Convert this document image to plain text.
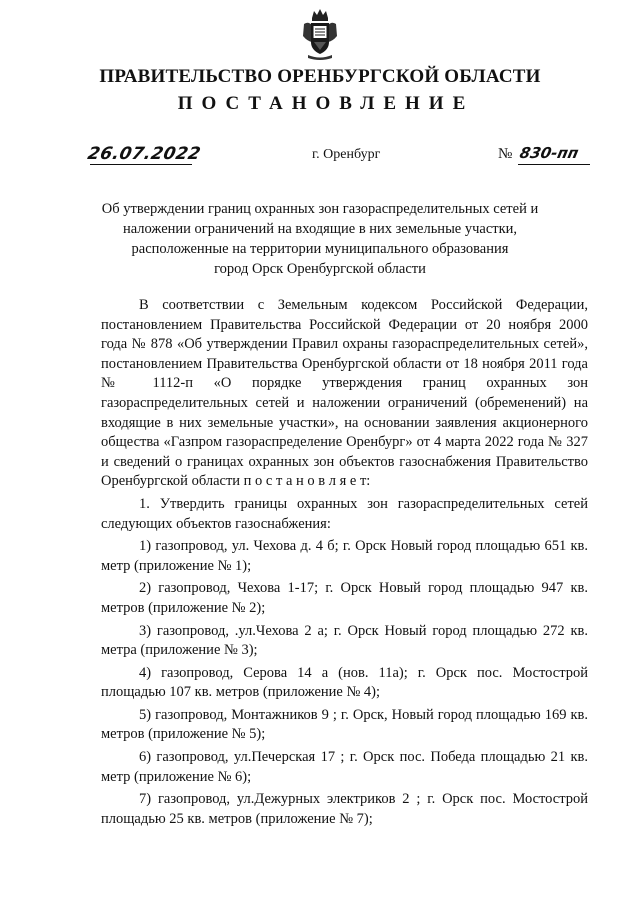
ПРАВИТЕЛЬСТВО ОРЕНБУРГСКОЙ ОБЛАСТИ
ПОСТАНОВЛЕНИЕ
26.07.2022	г. Оренбург	№ 830-пп
Об утверждении границ охранных зон газораспределительных сетей и
наложении ограничений на входящие в них земельные участки,
расположенные на территории муниципального образования
город Орск Оренбургской области

В соответствии с Земельным кодексом Российской Федерации, постановлением Правительства Российской Федерации от 20 ноября 2000 года № 878 «Об утверждении Правил охраны газораспределительных сетей», постановлением Правительства Оренбургской области от 18 ноября 2011 года № 1112-п «О порядке утверждения границ охранных зон газораспределительных сетей и наложении ограничений (обременений) на входящие в них земельные участки», на основании заявления акционерного общества «Газпром газораспределение Оренбург» от 4 марта 2022 года № 327 и сведений о границах охранных зон объектов газоснабжения Правительство Оренбургской области п о с т а н о в л я е т:

1. Утвердить границы охранных зон газораспределительных сетей следующих объектов газоснабжения:

1) газопровод, ул. Чехова д. 4 б; г. Орск Новый город площадью 651 кв. метр (приложение № 1);

2) газопровод, Чехова 1-17; г. Орск Новый город площадью 947 кв. метров (приложение № 2);

3) газопровод, .ул.Чехова 2 а; г. Орск Новый город площадью 272 кв. метра (приложение № 3);

4) газопровод, Серова 14 а (нов. 11а); г. Орск пос. Мостострой площадью 107 кв. метров (приложение № 4);

5) газопровод, Монтажников 9 ; г. Орск, Новый город площадью 169 кв. метров (приложение № 5);

6) газопровод, ул.Печерская 17 ; г. Орск пос. Победа площадью 21 кв. метр (приложение № 6);

7) газопровод, ул.Дежурных электриков 2 ; г. Орск пос. Мостострой площадью 25 кв. метров (приложение № 7);
